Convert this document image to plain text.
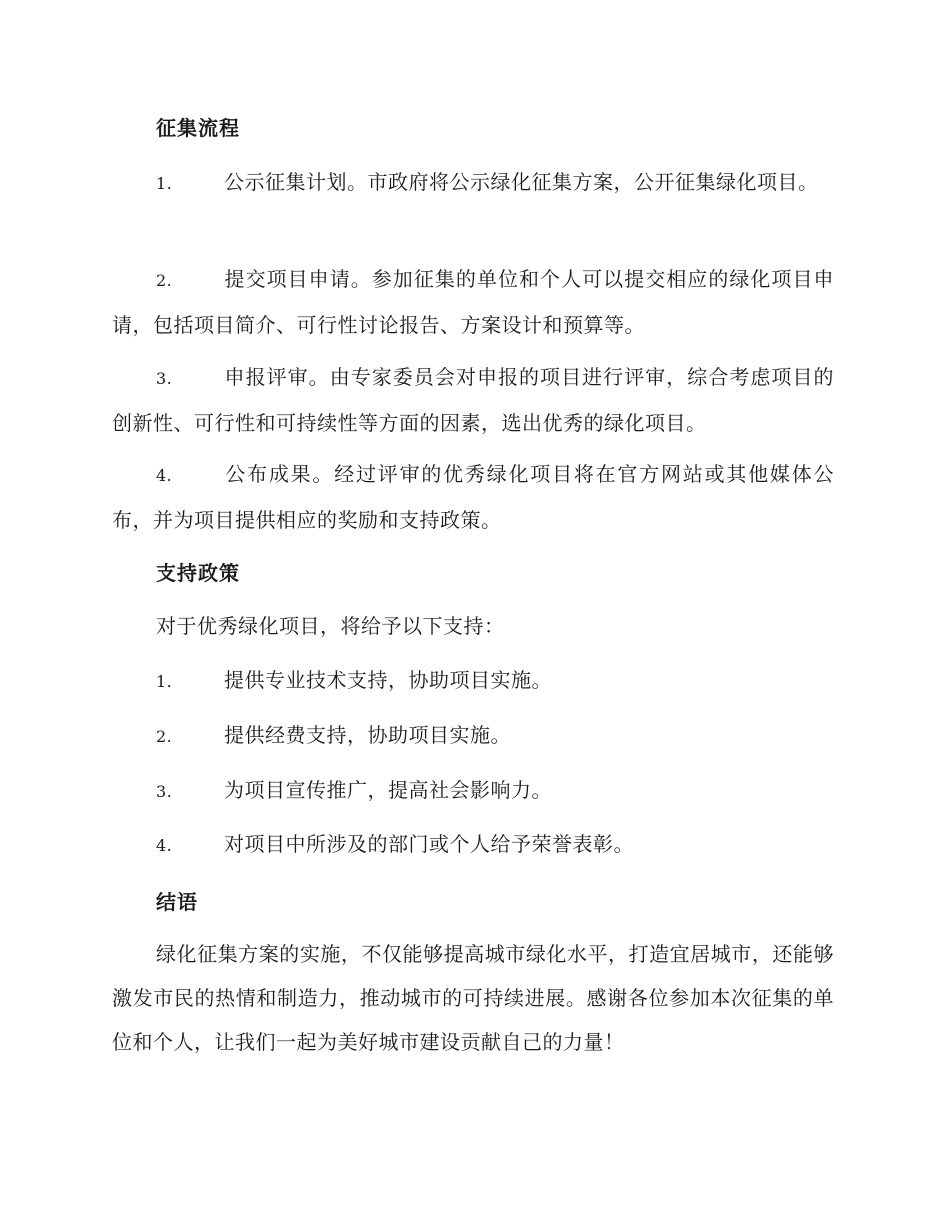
征集流程
1.	公示征集计划。市政府将公示绿化征集方案，公开征集绿化项目。
2.	提交项目申请。参加征集的单位和个人可以提交相应的绿化项目申请，包括项目简介、可行性讨论报告、方案设计和预算等。
3.	申报评审。由专家委员会对申报的项目进行评审，综合考虑项目的创新性、可行性和可持续性等方面的因素，选出优秀的绿化项目。
4.	公布成果。经过评审的优秀绿化项目将在官方网站或其他媒体公布，并为项目提供相应的奖励和支持政策。
支持政策
对于优秀绿化项目，将给予以下支持：
1.	提供专业技术支持，协助项目实施。
2.	提供经费支持，协助项目实施。
3.	为项目宣传推广，提高社会影响力。
4.	对项目中所涉及的部门或个人给予荣誉表彰。
结语
绿化征集方案的实施，不仅能够提高城市绿化水平，打造宜居城市，还能够激发市民的热情和制造力，推动城市的可持续进展。感谢各位参加本次征集的单位和个人，让我们一起为美好城市建设贡献自己的力量！
